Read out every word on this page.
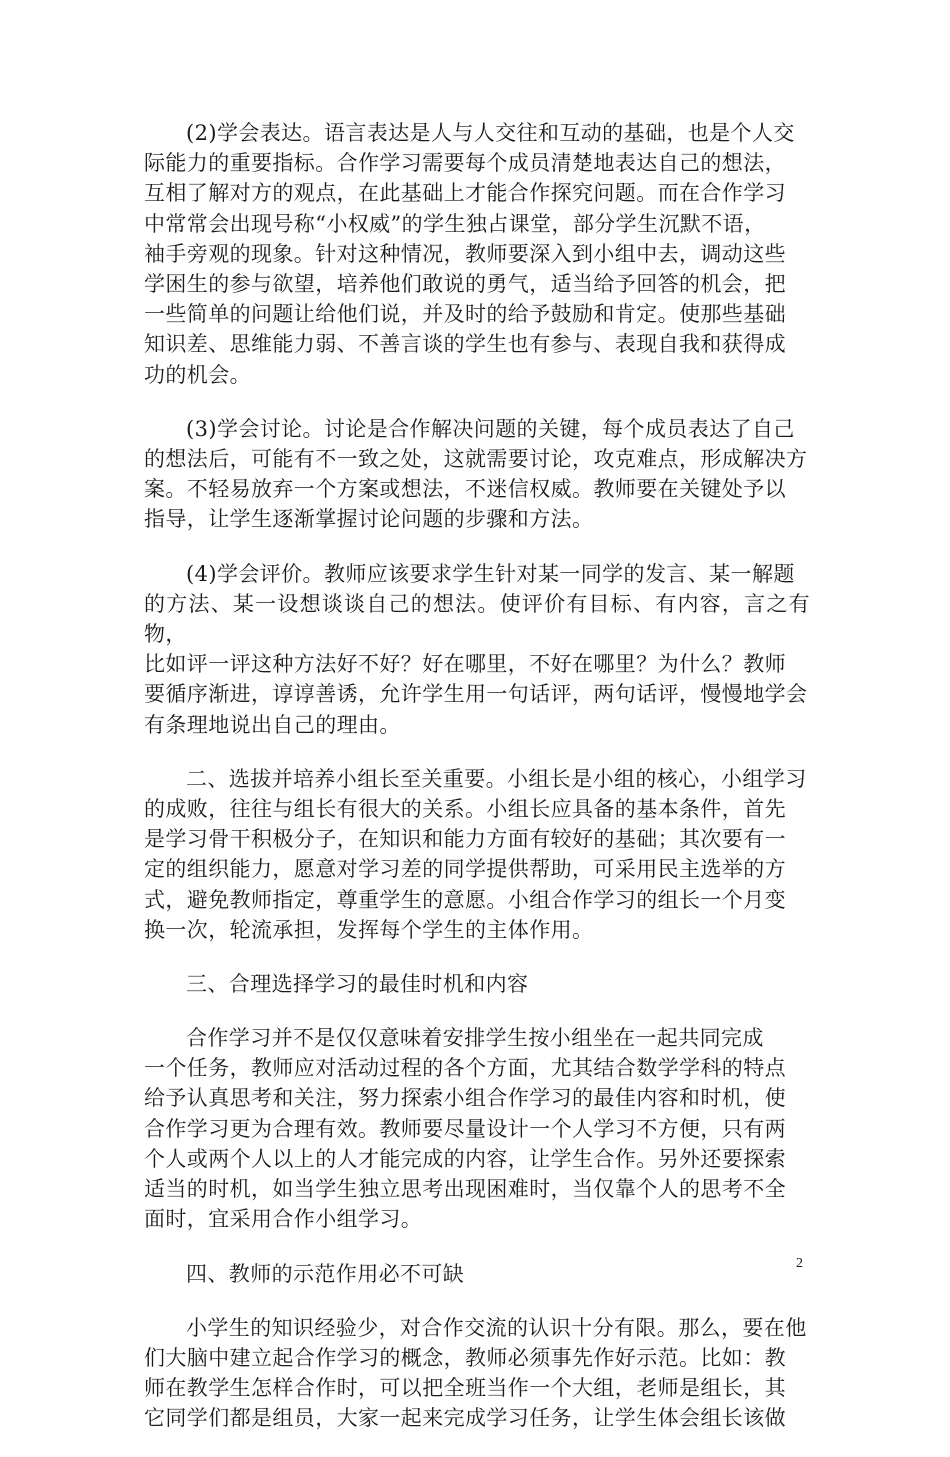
(2)学会表达。语言表达是人与人交往和互动的基础，也是个人交
际能力的重要指标。合作学习需要每个成员清楚地表达自己的想法，
互相了解对方的观点，在此基础上才能合作探究问题。而在合作学习
中常常会出现号称“小权威”的学生独占课堂，部分学生沉默不语，
袖手旁观的现象。针对这种情况，教师要深入到小组中去，调动这些
学困生的参与欲望，培养他们敢说的勇气，适当给予回答的机会，把
一些简单的问题让给他们说，并及时的给予鼓励和肯定。使那些基础
知识差、思维能力弱、不善言谈的学生也有参与、表现自我和获得成
功的机会。

(3)学会讨论。讨论是合作解决问题的关键，每个成员表达了自己
的想法后，可能有不一致之处，这就需要讨论，攻克难点，形成解决方
案。不轻易放弃一个方案或想法，不迷信权威。教师要在关键处予以
指导，让学生逐渐掌握讨论问题的步骤和方法。

(4)学会评价。教师应该要求学生针对某一同学的发言、某一解题
的方法、某一设想谈谈自己的想法。使评价有目标、有内容，言之有物，
比如评一评这种方法好不好？好在哪里，不好在哪里？为什么？教师
要循序渐进，谆谆善诱，允许学生用一句话评，两句话评，慢慢地学会
有条理地说出自己的理由。

二、选拔并培养小组长至关重要。小组长是小组的核心，小组学习
的成败，往往与组长有很大的关系。小组长应具备的基本条件，首先
是学习骨干积极分子，在知识和能力方面有较好的基础；其次要有一
定的组织能力，愿意对学习差的同学提供帮助，可采用民主选举的方
式，避免教师指定，尊重学生的意愿。小组合作学习的组长一个月变
换一次，轮流承担，发挥每个学生的主体作用。

三、合理选择学习的最佳时机和内容

合作学习并不是仅仅意味着安排学生按小组坐在一起共同完成
一个任务，教师应对活动过程的各个方面，尤其结合数学学科的特点
给予认真思考和关注，努力探索小组合作学习的最佳内容和时机，使
合作学习更为合理有效。教师要尽量设计一个人学习不方便，只有两
个人或两个人以上的人才能完成的内容，让学生合作。另外还要探索
适当的时机，如当学生独立思考出现困难时，当仅靠个人的思考不全
面时，宜采用合作小组学习。

四、教师的示范作用必不可缺

小学生的知识经验少，对合作交流的认识十分有限。那么，要在他
们大脑中建立起合作学习的概念，教师必须事先作好示范。比如：教
师在教学生怎样合作时，可以把全班当作一个大组，老师是组长，其
它同学们都是组员，大家一起来完成学习任务，让学生体会组长该做

2
